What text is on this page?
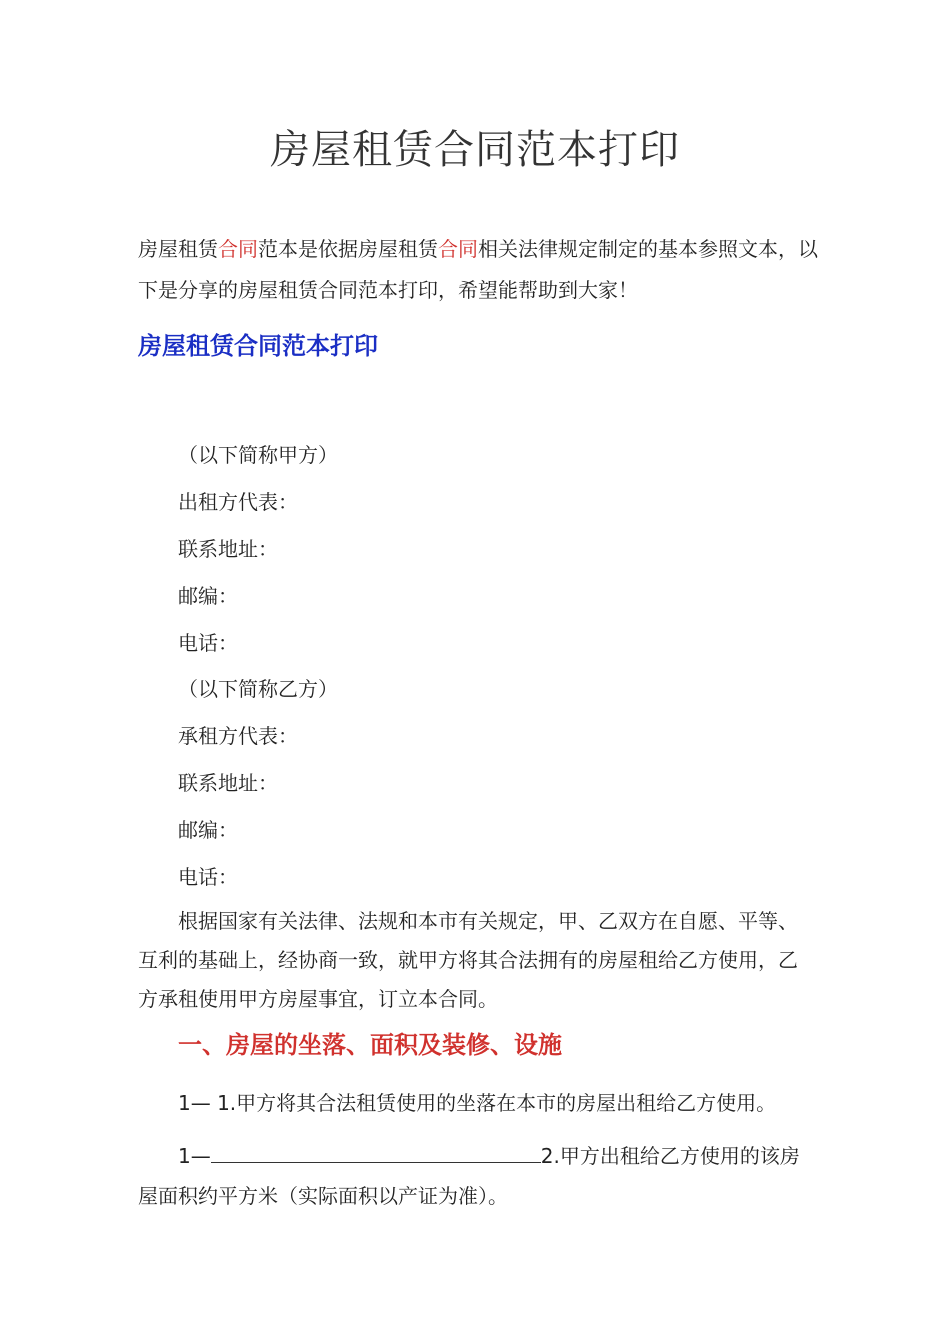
房屋租赁合同范本打印

房屋租赁合同范本是依据房屋租赁合同相关法律规定制定的基本参照文本，以下是分享的房屋租赁合同范本打印，希望能帮助到大家！

房屋租赁合同范本打印
（以下简称甲方）
出租方代表：
联系地址：
邮编：
电话：
（以下简称乙方）
承租方代表：
联系地址：
邮编：
电话：

根据国家有关法律、法规和本市有关规定，甲、乙双方在自愿、平等、互利的基础上，经协商一致，就甲方将其合法拥有的房屋租给乙方使用，乙方承租使用甲方房屋事宜，订立本合同。

一、房屋的坐落、面积及装修、设施

1— 1.甲方将其合法租赁使用的坐落在本市的房屋出租给乙方使用。

1—	2.甲方出租给乙方使用的该房屋面积约平方米（实际面积以产证为准）。
